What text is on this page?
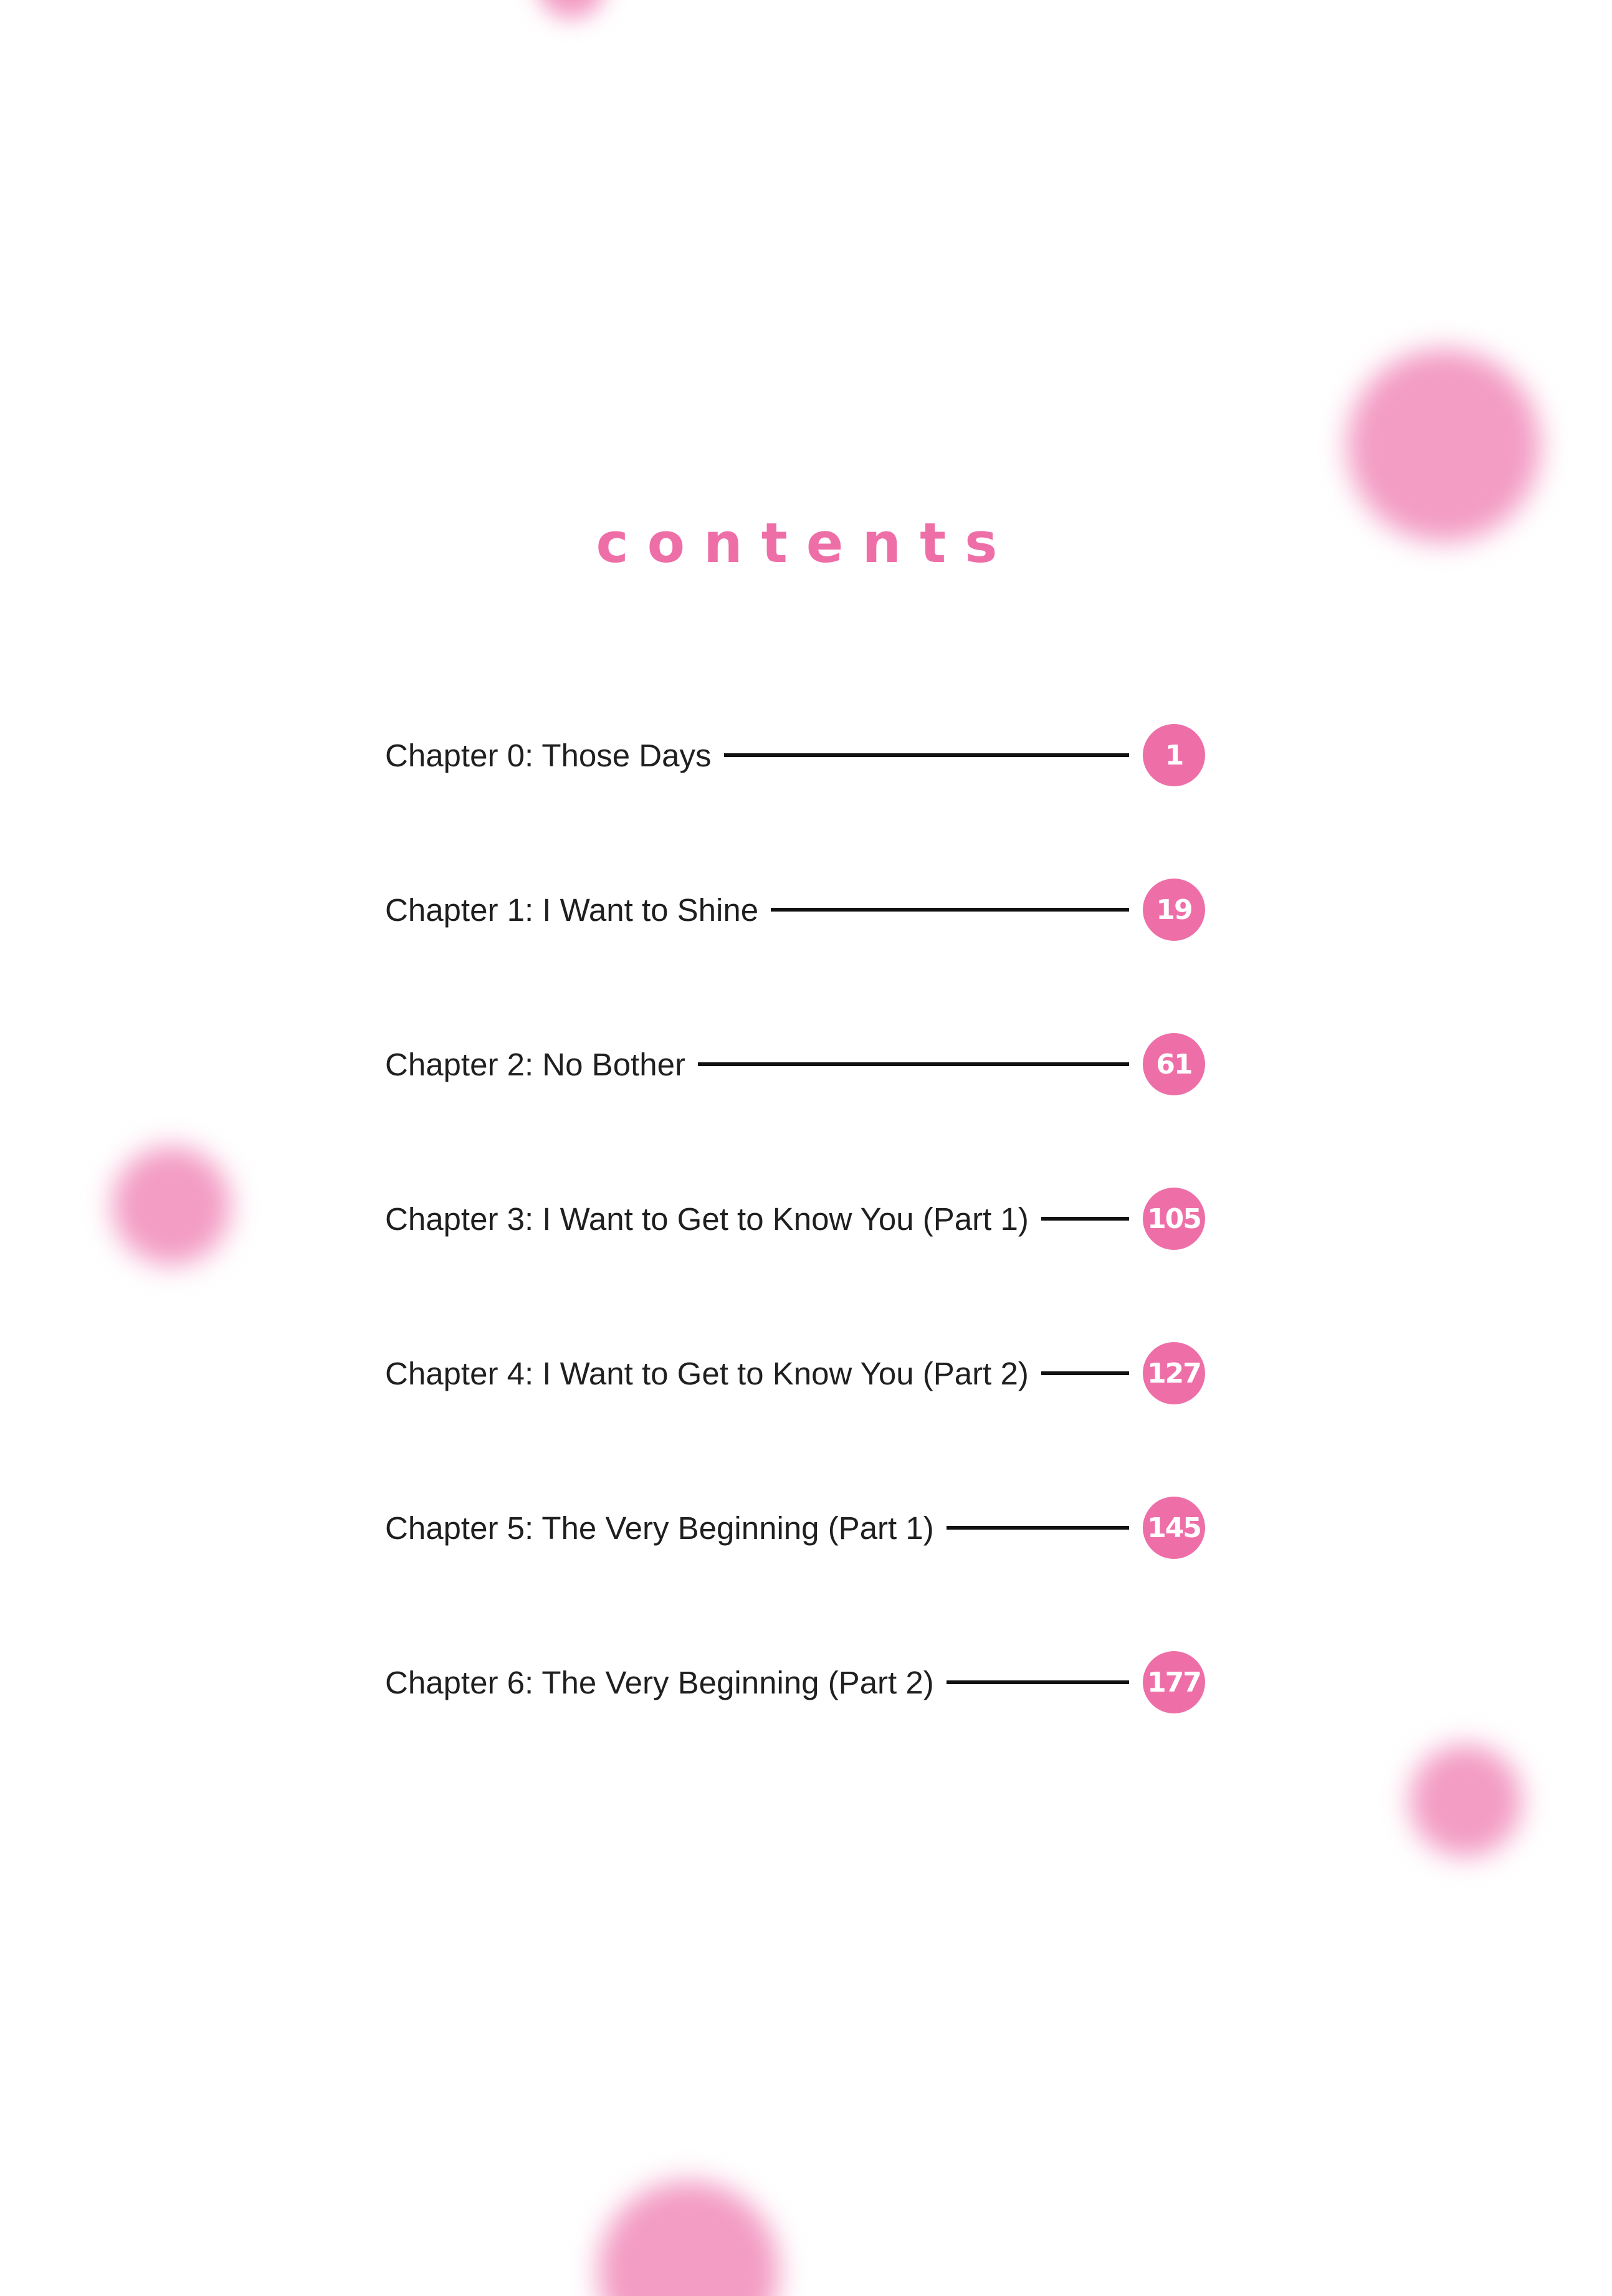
contents
Chapter 0: Those Days	1
Chapter 1: I Want to Shine	19
Chapter 2: No Bother	61
Chapter 3: I Want to Get to Know You (Part 1)	105
Chapter 4: I Want to Get to Know You (Part 2)	127
Chapter 5: The Very Beginning (Part 1)	145
Chapter 6: The Very Beginning (Part 2)	177
